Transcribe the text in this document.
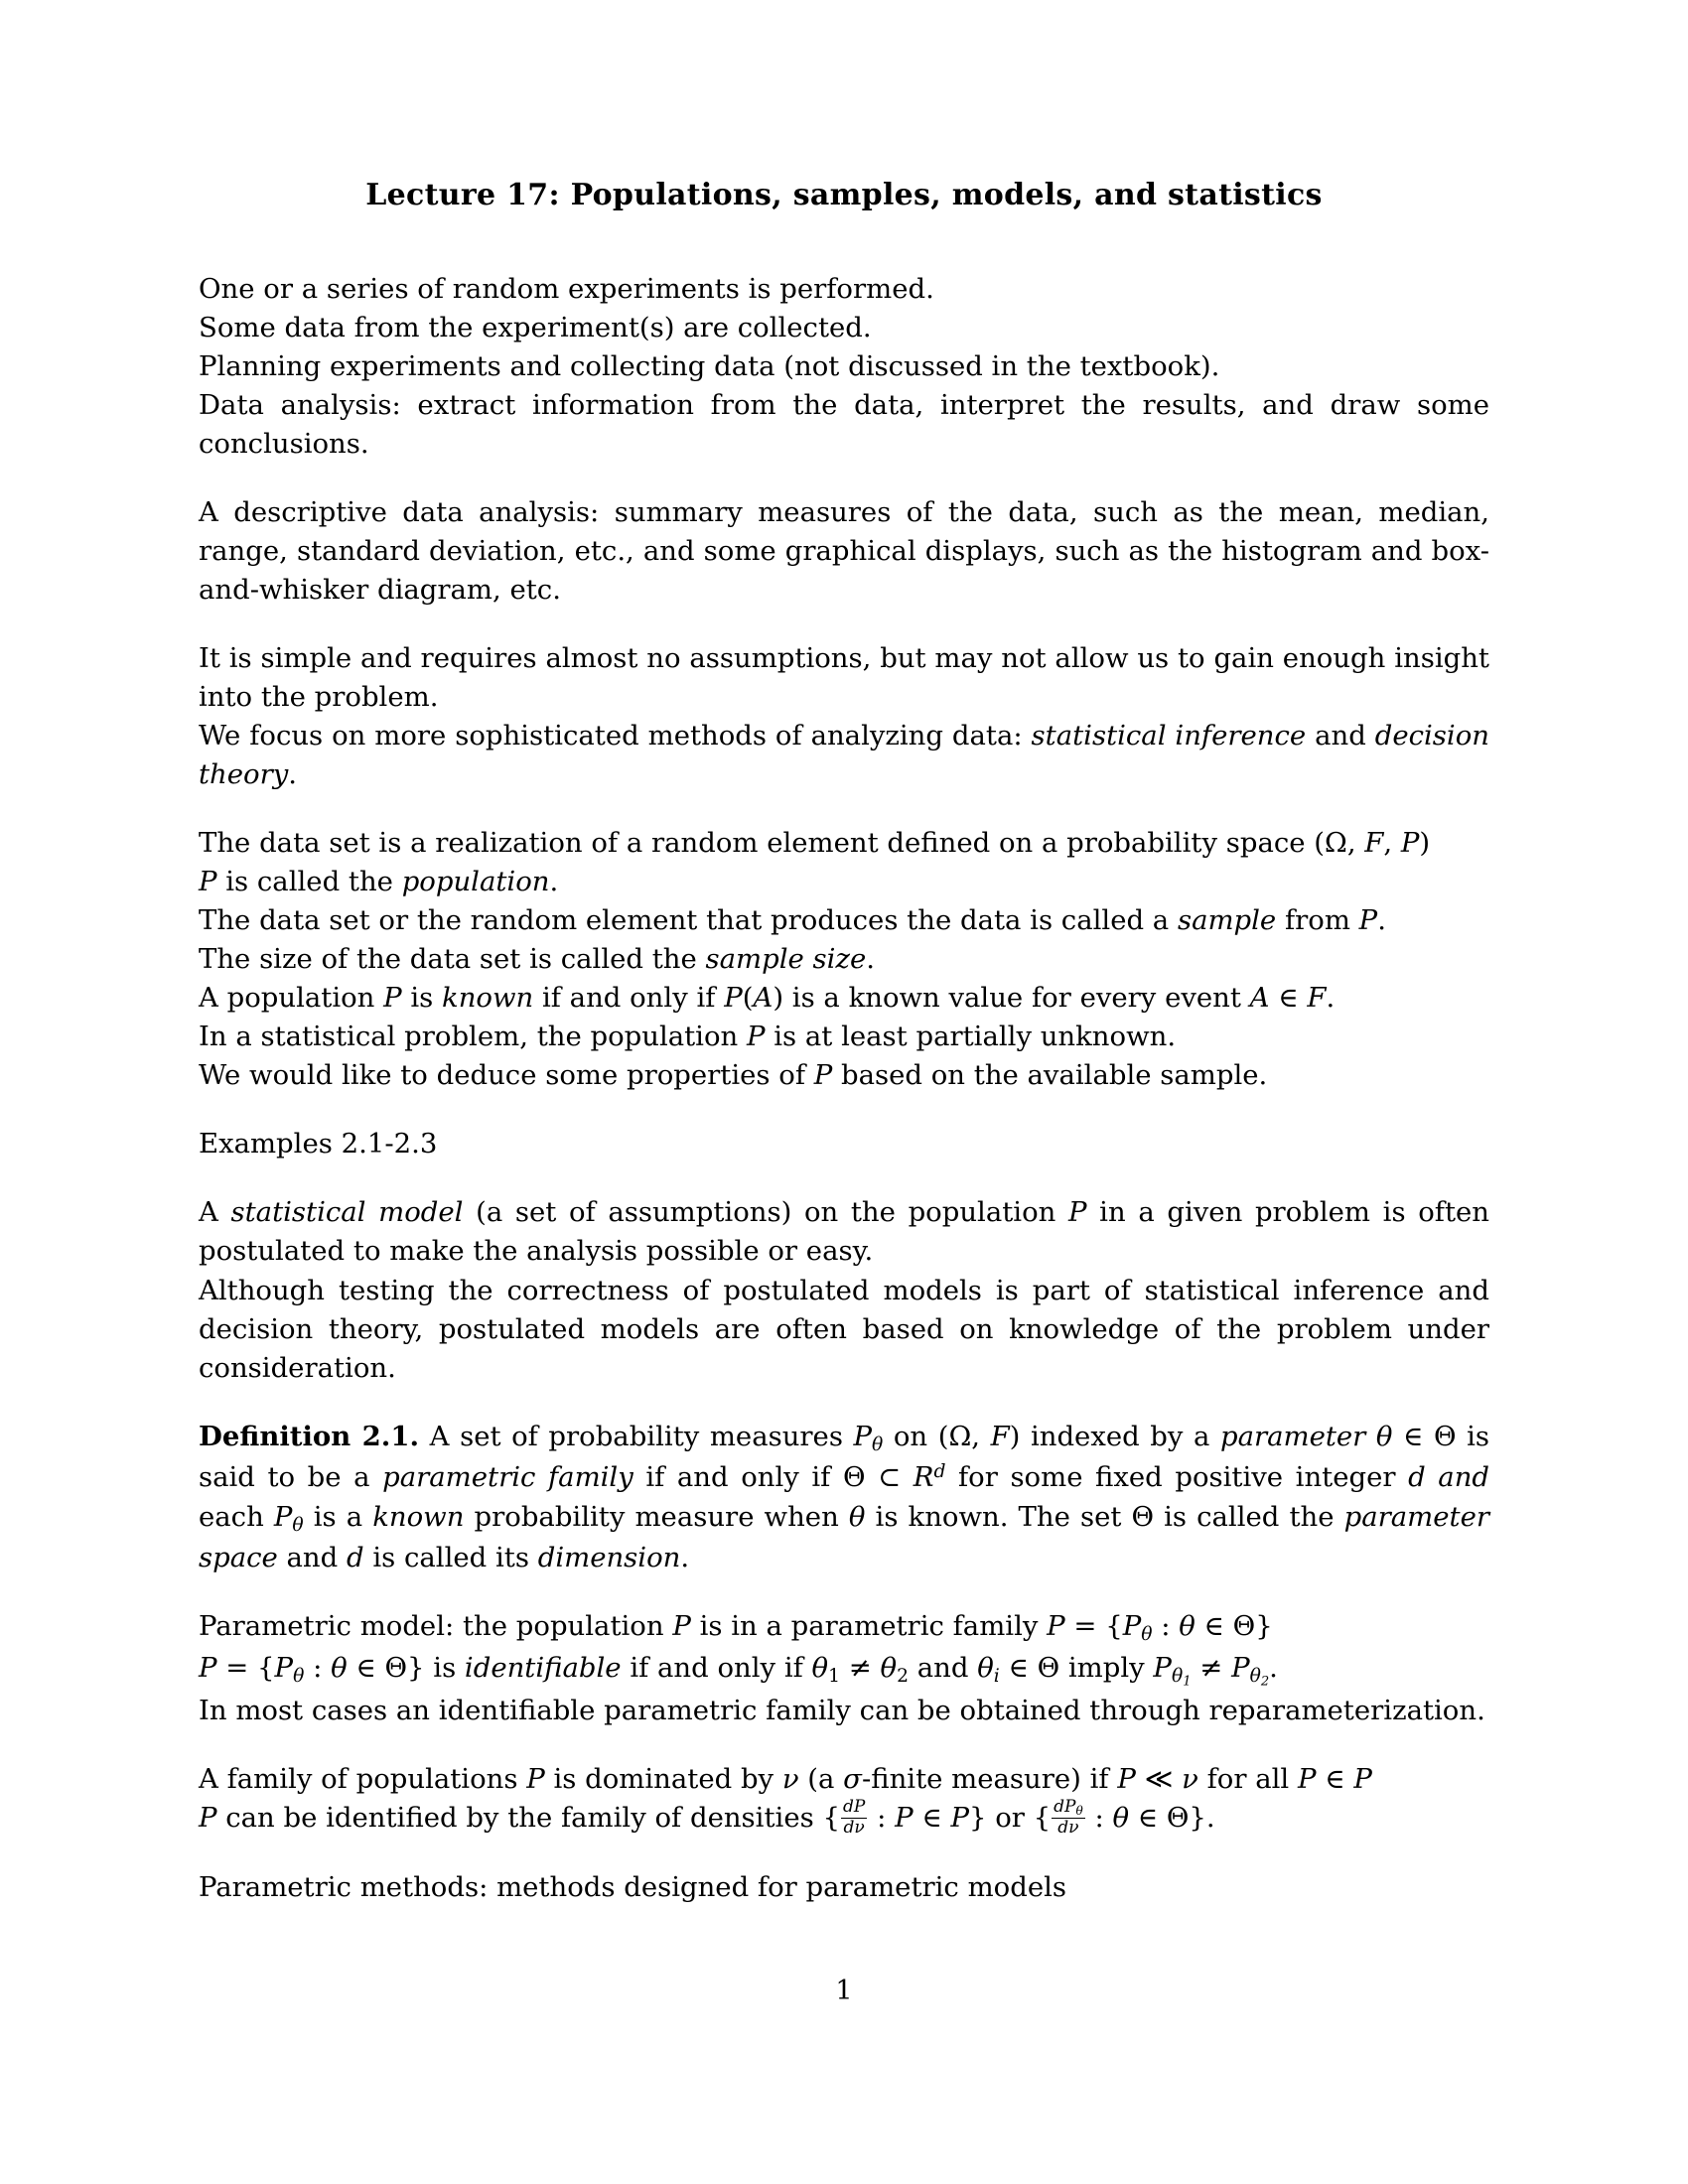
Lecture 17: Populations, samples, models, and statistics

One or a series of random experiments is performed.

Some data from the experiment(s) are collected.

Planning experiments and collecting data (not discussed in the textbook).

Data analysis: extract information from the data, interpret the results, and draw some conclusions.

A descriptive data analysis: summary measures of the data, such as the mean, median, range, standard deviation, etc., and some graphical displays, such as the histogram and box-and-whisker diagram, etc.

It is simple and requires almost no assumptions, but may not allow us to gain enough insight into the problem.

We focus on more sophisticated methods of analyzing data: statistical inference and decision theory.

The data set is a realization of a random element defined on a probability space (Ω, F, P)

P is called the population.

The data set or the random element that produces the data is called a sample from P.

The size of the data set is called the sample size.

A population P is known if and only if P(A) is a known value for every event A ∈ F.

In a statistical problem, the population P is at least partially unknown.

We would like to deduce some properties of P based on the available sample.

Examples 2.1-2.3

A statistical model (a set of assumptions) on the population P in a given problem is often postulated to make the analysis possible or easy.

Although testing the correctness of postulated models is part of statistical inference and decision theory, postulated models are often based on knowledge of the problem under consideration.

Definition 2.1. A set of probability measures $P_\theta$ on (Ω, F) indexed by a parameter θ ∈ Θ is said to be a parametric family if and only if Θ ⊂ $R^d$ for some fixed positive integer d and each $P_\theta$ is a known probability measure when θ is known. The set Θ is called the parameter space and d is called its dimension.

Parametric model: the population P is in a parametric family $P = \{P_\theta$ : θ ∈ Θ}

$P = \{P_\theta$ : θ ∈ Θ} is identifiable if and only if θ1 ≠ θ2 and $\theta_i$ ∈ Θ imply $P_{\theta 1} \ne P_{\theta 2}$.

In most cases an identifiable parametric family can be obtained through reparameterization.

A family of populations P is dominated by ν (a σ-finite measure) if P ≪ ν for all P ∈ P

P can be identified by the family of densities { $\frac{dP}{d\nu}$ : P ∈ P} or { $\frac{\text{dPθ}}{d\nu}$ : θ ∈ Θ}.

Parametric methods: methods designed for parametric models

1
